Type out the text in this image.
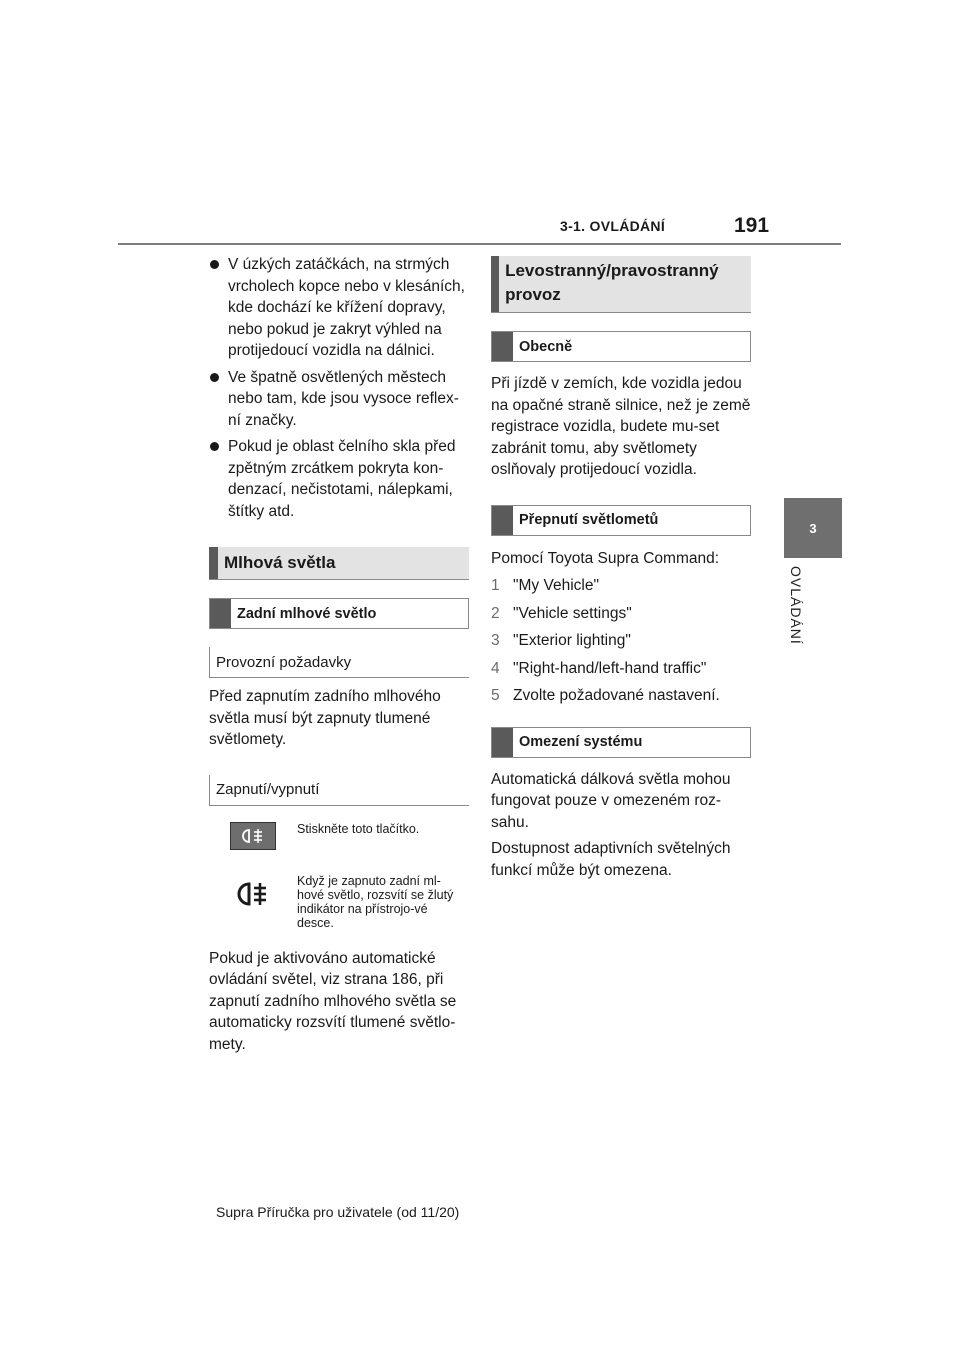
3-1. OVLÁDÁNÍ	191
3
OVLÁDÁNÍ
V úzkých zatáčkách, na strmých vrcholech kopce nebo v klesáních, kde dochází ke křížení dopravy, nebo pokud je zakryt výhled na protijedoucí vozidla na dálnici.
Ve špatně osvětlených městech nebo tam, kde jsou vysoce reflex-ní značky.
Pokud je oblast čelního skla před zpětným zrcátkem pokryta kon-denzací, nečistotami, nálepkami, štítky atd.
Mlhová světla
Zadní mlhové světlo
Provozní požadavky
Před zapnutím zadního mlhového světla musí být zapnuty tlumené světlomety.
Zapnutí/vypnutí
Stiskněte toto tlačítko.
Když je zapnuto zadní ml-hové světlo, rozsvítí se žlutý indikátor na přístrojo-vé desce.
Pokud je aktivováno automatické ovládání světel, viz strana 186, při zapnutí zadního mlhového světla se automaticky rozsvítí tlumené světlo-mety.
Levostranný/pravostranný provoz
Obecně
Při jízdě v zemích, kde vozidla jedou na opačné straně silnice, než je země registrace vozidla, budete mu-set zabránit tomu, aby světlomety oslňovaly protijedoucí vozidla.
Přepnutí světlometů
Pomocí Toyota Supra Command:
1 "My Vehicle"
2 "Vehicle settings"
3 "Exterior lighting"
4 "Right-hand/left-hand traffic"
5 Zvolte požadované nastavení.
Omezení systému
Automatická dálková světla mohou fungovat pouze v omezeném roz-sahu.
Dostupnost adaptivních světelných funkcí může být omezena.
Supra Příručka pro uživatele (od 11/20)
